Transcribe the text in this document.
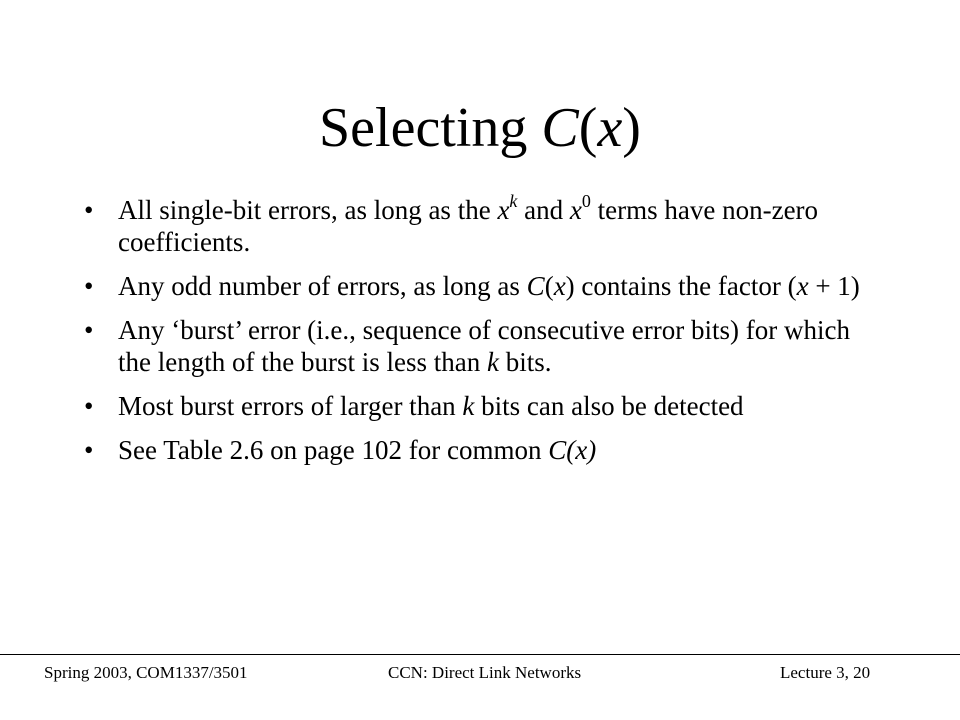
Selecting C(x)
• All single-bit errors, as long as the $x^k$ and $x^0$ terms have non-zero coefficients.
• Any odd number of errors, as long as C(x) contains the factor (x + 1)
• Any ‘burst’ error (i.e., sequence of consecutive error bits) for which the length of the burst is less than k bits.
• Most burst errors of larger than k bits can also be detected
• See Table 2.6 on page 102 for common C(x)
Spring 2003, COM1337/3501	CCN: Direct Link Networks	Lecture 3, 20
